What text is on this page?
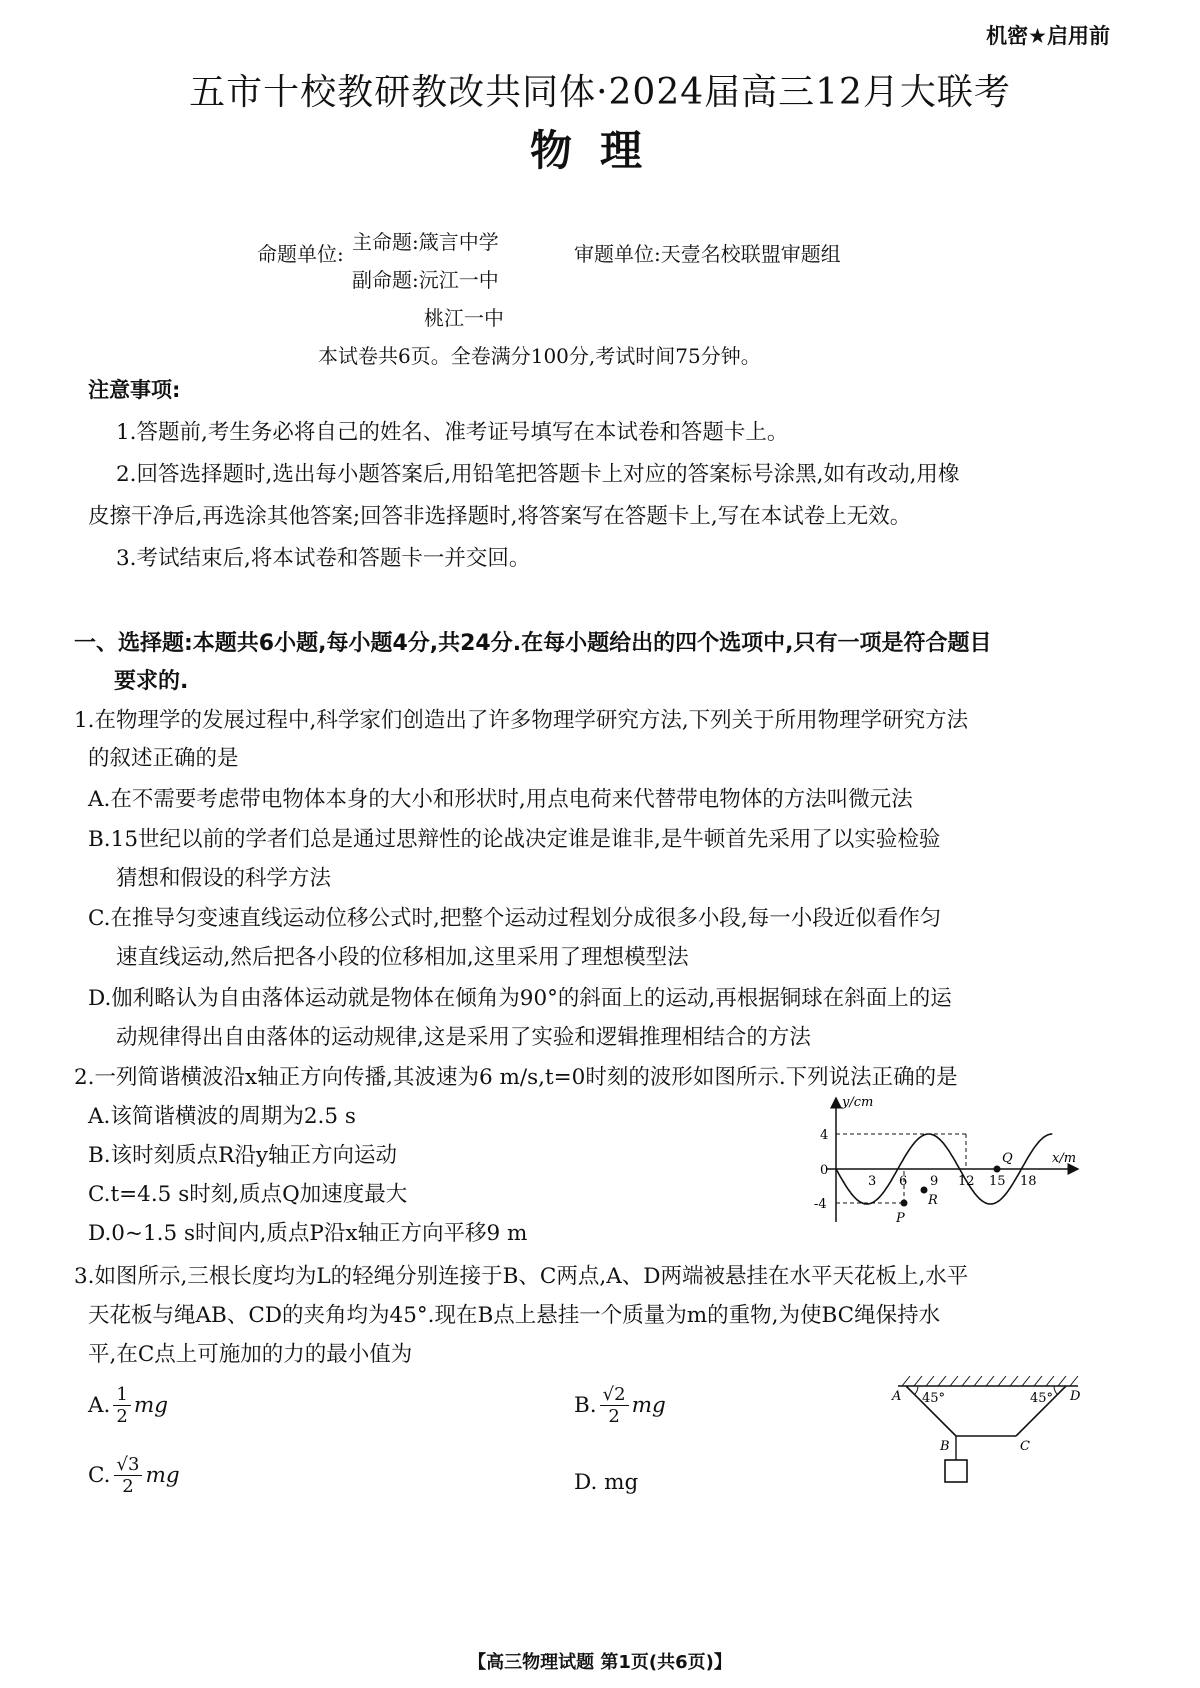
机密★启用前
五市十校教研教改共同体·2024届高三12月大联考
物理
命题单位: 主命题:箴言中学
副命题:沅江一中
桃江一中
审题单位:天壹名校联盟审题组
本试卷共6页。全卷满分100分,考试时间75分钟。
注意事项:
1.答题前,考生务必将自己的姓名、准考证号填写在本试卷和答题卡上。
2.回答选择题时,选出每小题答案后,用铅笔把答题卡上对应的答案标号涂黑,如有改动,用橡
皮擦干净后,再选涂其他答案;回答非选择题时,将答案写在答题卡上,写在本试卷上无效。
3.考试结束后,将本试卷和答题卡一并交回。
一、选择题:本题共6小题,每小题4分,共24分.在每小题给出的四个选项中,只有一项是符合题目
要求的.
1.在物理学的发展过程中,科学家们创造出了许多物理学研究方法,下列关于所用物理学研究方法
的叙述正确的是
A.在不需要考虑带电物体本身的大小和形状时,用点电荷来代替带电物体的方法叫微元法
B.15世纪以前的学者们总是通过思辩性的论战决定谁是谁非,是牛顿首先采用了以实验检验
猜想和假设的科学方法
C.在推导匀变速直线运动位移公式时,把整个运动过程划分成很多小段,每一小段近似看作匀
速直线运动,然后把各小段的位移相加,这里采用了理想模型法
D.伽利略认为自由落体运动就是物体在倾角为90°的斜面上的运动,再根据铜球在斜面上的运
动规律得出自由落体的运动规律,这是采用了实验和逻辑推理相结合的方法
2.一列简谐横波沿x轴正方向传播,其波速为6 m/s,t=0时刻的波形如图所示.下列说法正确的是
A.该简谐横波的周期为2.5 s
B.该时刻质点R沿y轴正方向运动
C.t=4.5 s时刻,质点Q加速度最大
D.0~1.5 s时间内,质点P沿x轴正方向平移9 m
y/cm
x/m
4
0
-4
3 6 9 12 15 18
P
R
Q
3.如图所示,三根长度均为L的轻绳分别连接于B、C两点,A、D两端被悬挂在水平天花板上,水平
天花板与绳AB、CD的夹角均为45°.现在B点上悬挂一个质量为m的重物,为使BC绳保持水
平,在C点上可施加的力的最小值为
A. 1
2 mg	B. √2
2 mg
C. √3
2 mg	D. mg
A	D
B	C
45°	45°
【高三物理试题 第1页(共6页)】
